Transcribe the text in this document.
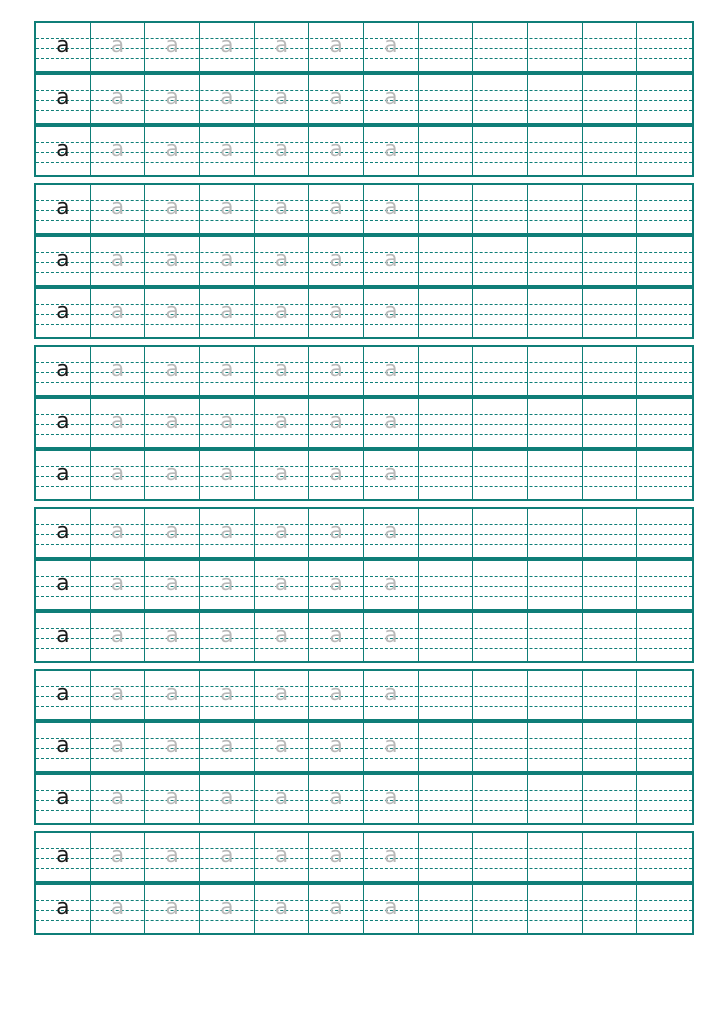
a a a a a a a
a a a a a a a
a a a a a a a
a a a a a a a
a a a a a a a
a a a a a a a
a a a a a a a
a a a a a a a
a a a a a a a
a a a a a a a
a a a a a a a
a a a a a a a
a a a a a a a
a a a a a a a
a a a a a a a
a a a a a a a
a a a a a a a
